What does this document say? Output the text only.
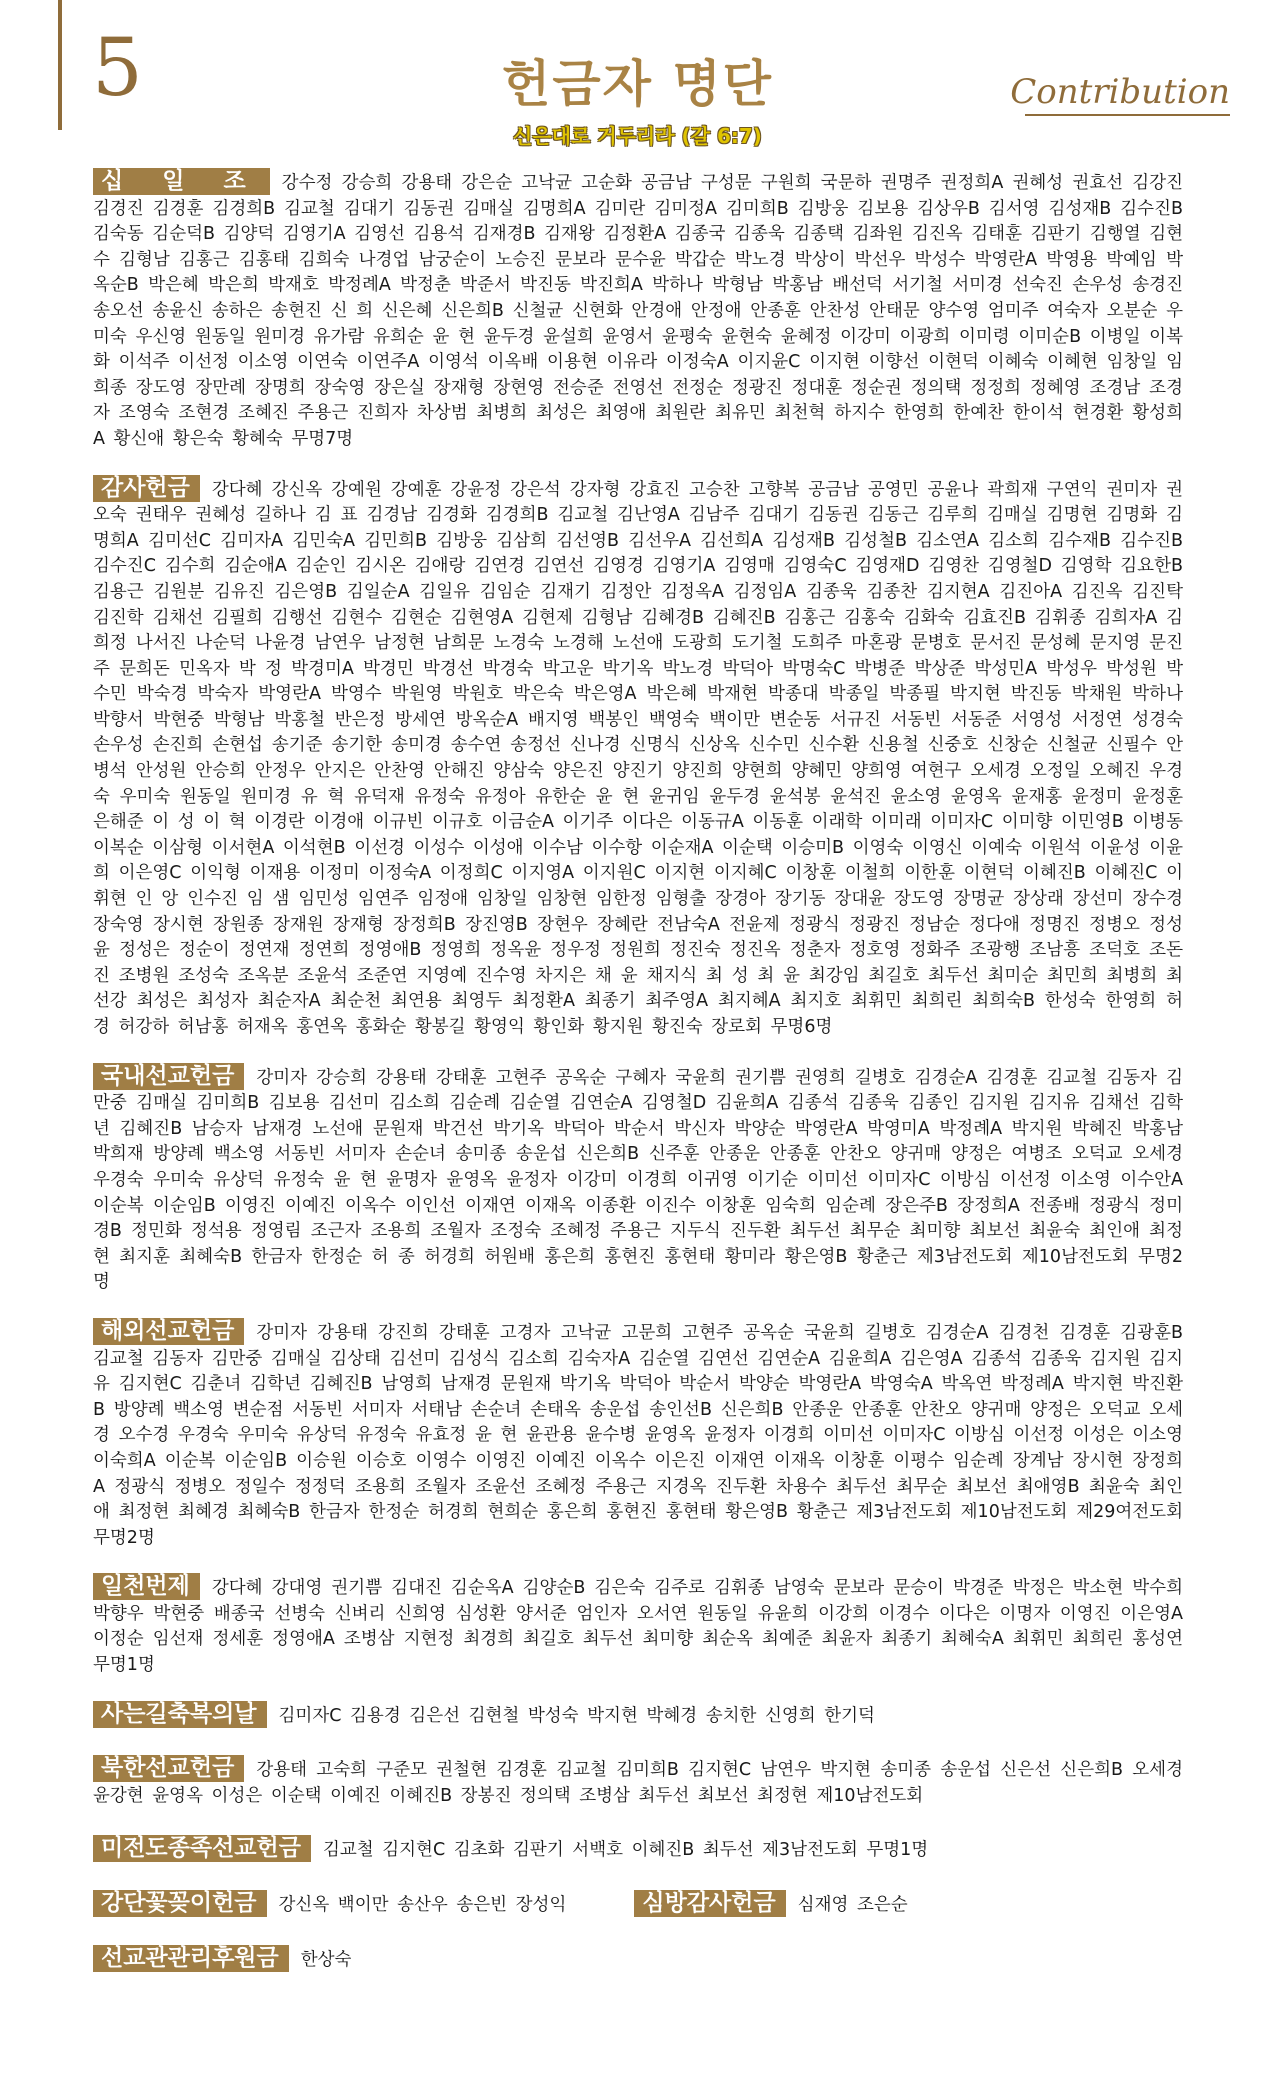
5	헌금자 명단	Contribution
신은대로 거두리라 (갈 6:7)

십 일 조 강수정 강승희 강용태 강은순 고낙균 고순화 공금남 구성문 구원희 국문하 권명주 권정희A 권혜성 권효선 김강진 김경진 김경훈 김경희B 김교철 김대기 김동권 김매실 김명희A 김미란 김미정A 김미희B 김방웅 김보용 김상우B 김서영 김성재B 김수진B 김숙동 김순덕B 김양덕 김영기A 김영선 김용석 김재경B 김재왕 김정환A 김종국 김종욱 김종택 김좌원 김진옥 김태훈 김판기 김행열 김현수 김형남 김홍근 김홍태 김희숙 나경업 남궁순이 노승진 문보라 문수윤 박갑순 박노경 박상이 박선우 박성수 박영란A 박영용 박예임 박옥순B 박은혜 박은희 박재호 박정례A 박정춘 박준서 박진동 박진희A 박하나 박형남 박홍남 배선덕 서기철 서미경 선숙진 손우성 송경진 송오선 송윤신 송하은 송현진 신 희 신은혜 신은희B 신철균 신현화 안경애 안정애 안종훈 안찬성 안태문 양수영 엄미주 여숙자 오분순 우미숙 우신영 원동일 원미경 유가람 유희순 윤 현 윤두경 윤설희 윤영서 윤평숙 윤현숙 윤혜정 이강미 이광희 이미령 이미순B 이병일 이복화 이석주 이선정 이소영 이연숙 이연주A 이영석 이옥배 이용현 이유라 이정숙A 이지윤C 이지현 이향선 이현덕 이혜숙 이혜현 임창일 임희종 장도영 장만례 장명희 장숙영 장은실 장재형 장현영 전승준 전영선 전정순 정광진 정대훈 정순권 정의택 정정희 정혜영 조경남 조경자 조영숙 조현경 조혜진 주용근 진희자 차상범 최병희 최성은 최영애 최원란 최유민 최천혁 하지수 한영희 한예찬 한이석 현경환 황성희A 황신애 황은숙 황혜숙 무명7명

감사헌금 강다혜 강신옥 강예원 강예훈 강윤정 강은석 강자형 강효진 고승찬 고향복 공금남 공영민 공윤나 곽희재 구연익 권미자 권오숙 권태우 권혜성 길하나 김 표 김경남 김경화 김경희B 김교철 김난영A 김남주 김대기 김동권 김동근 김루희 김매실 김명현 김명화 김명희A 김미선C 김미자A 김민숙A 김민희B 김방웅 김삼희 김선영B 김선우A 김선희A 김성재B 김성철B 김소연A 김소희 김수재B 김수진B 김수진C 김수희 김순애A 김순인 김시온 김애랑 김연경 김연선 김영경 김영기A 김영매 김영숙C 김영재D 김영찬 김영철D 김영학 김요한B 김용근 김원분 김유진 김은영B 김일순A 김일유 김임순 김재기 김정안 김정옥A 김정임A 김종욱 김종찬 김지현A 김진아A 김진옥 김진탁 김진학 김채선 김필희 김행선 김현수 김현순 김현영A 김현제 김형남 김혜경B 김혜진B 김홍근 김홍숙 김화숙 김효진B 김휘종 김희자A 김희정 나서진 나순덕 나윤경 남연우 남정현 남희문 노경숙 노경해 노선애 도광희 도기철 도희주 마혼광 문병호 문서진 문성혜 문지영 문진주 문희돈 민옥자 박 정 박경미A 박경민 박경선 박경숙 박고운 박기옥 박노경 박덕아 박명숙C 박병준 박상준 박성민A 박성우 박성원 박수민 박숙경 박숙자 박영란A 박영수 박원영 박원호 박은숙 박은영A 박은혜 박재현 박종대 박종일 박종필 박지현 박진동 박채원 박하나 박향서 박현중 박형남 박홍철 반은정 방세연 방옥순A 배지영 백봉인 백영숙 백이만 변순동 서규진 서동빈 서동준 서영성 서정연 성경숙 손우성 손진희 손현섭 송기준 송기한 송미경 송수연 송정선 신나경 신명식 신상옥 신수민 신수환 신용철 신중호 신창순 신철균 신필수 안병석 안성원 안승희 안정우 안지은 안찬영 안해진 양삼숙 양은진 양진기 양진희 양현희 양혜민 양희영 여현구 오세경 오정일 오혜진 우경숙 우미숙 원동일 원미경 유 혁 유덕재 유정숙 유정아 유한순 윤 현 윤귀임 윤두경 윤석봉 윤석진 윤소영 윤영옥 윤재홍 윤정미 윤정훈 은해준 이 성 이 혁 이경란 이경애 이규빈 이규호 이금순A 이기주 이다은 이동규A 이동훈 이래학 이미래 이미자C 이미향 이민영B 이병동 이복순 이삼형 이서현A 이석현B 이선경 이성수 이성애 이수남 이수항 이순재A 이순택 이승미B 이영숙 이영신 이예숙 이원석 이윤성 이윤희 이은영C 이익형 이재용 이정미 이정숙A 이정희C 이지영A 이지원C 이지현 이지혜C 이창훈 이철희 이한훈 이현덕 이혜진B 이혜진C 이휘현 인 앙 인수진 임 샘 임민성 임연주 임정애 임창일 임창현 임한정 임형출 장경아 장기동 장대윤 장도영 장명균 장상래 장선미 장수경 장숙영 장시현 장원종 장재원 장재형 장정희B 장진영B 장현우 장혜란 전남숙A 전윤제 정광식 정광진 정남순 정다애 정명진 정병오 정성윤 정성은 정순이 정연재 정연희 정영애B 정영희 정옥윤 정우정 정원희 정진숙 정진옥 정춘자 정호영 정화주 조광행 조남흥 조덕호 조돈진 조병원 조성숙 조옥분 조윤석 조준연 지영예 진수영 차지은 채 윤 채지식 최 성 최 윤 최강임 최길호 최두선 최미순 최민희 최병희 최선강 최성은 최성자 최순자A 최순천 최연용 최영두 최정환A 최종기 최주영A 최지혜A 최지호 최휘민 최희린 최희숙B 한성숙 한영희 허 경 허강하 허남홍 허재옥 홍연옥 홍화순 황봉길 황영익 황인화 황지원 황진숙 장로회 무명6명

국내선교헌금 강미자 강승희 강용태 강태훈 고현주 공옥순 구혜자 국윤희 권기쁨 권영희 길병호 김경순A 김경훈 김교철 김동자 김만중 김매실 김미희B 김보용 김선미 김소희 김순례 김순열 김연순A 김영철D 김윤희A 김종석 김종욱 김종인 김지원 김지유 김채선 김학년 김혜진B 남승자 남재경 노선애 문원재 박건선 박기옥 박덕아 박순서 박신자 박양순 박영란A 박영미A 박정례A 박지원 박혜진 박홍남 박희재 방양례 백소영 서동빈 서미자 손순녀 송미종 송운섭 신은희B 신주훈 안종운 안종훈 안찬오 양귀매 양정은 여병조 오덕교 오세경 우경숙 우미숙 유상덕 유정숙 윤 현 윤명자 윤영옥 윤정자 이강미 이경희 이귀영 이기순 이미선 이미자C 이방심 이선정 이소영 이수안A 이순복 이순임B 이영진 이예진 이옥수 이인선 이재연 이재옥 이종환 이진수 이창훈 임숙희 임순례 장은주B 장정희A 전종배 정광식 정미경B 정민화 정석용 정영림 조근자 조용희 조월자 조정숙 조혜정 주용근 지두식 진두환 최두선 최무순 최미향 최보선 최윤숙 최인애 최정현 최지훈 최혜숙B 한금자 한정순 허 종 허경희 허원배 홍은희 홍현진 홍현태 황미라 황은영B 황춘근 제3남전도회 제10남전도회 무명2명

해외선교헌금 강미자 강용태 강진희 강태훈 고경자 고낙균 고문희 고현주 공옥순 국윤희 길병호 김경순A 김경천 김경훈 김광훈B 김교철 김동자 김만중 김매실 김상태 김선미 김성식 김소희 김숙자A 김순열 김연선 김연순A 김윤희A 김은영A 김종석 김종욱 김지원 김지유 김지현C 김춘녀 김학년 김혜진B 남영희 남재경 문원재 박기옥 박덕아 박순서 박양순 박영란A 박영숙A 박옥연 박정례A 박지현 박진환B 방양례 백소영 변순점 서동빈 서미자 서태남 손순녀 손태옥 송운섭 송인선B 신은희B 안종운 안종훈 안찬오 양귀매 양정은 오덕교 오세경 오수경 우경숙 우미숙 유상덕 유정숙 유효정 윤 현 윤관용 윤수병 윤영옥 윤정자 이경희 이미선 이미자C 이방심 이선정 이성은 이소영 이숙희A 이순복 이순임B 이승원 이승호 이영수 이영진 이예진 이옥수 이은진 이재연 이재옥 이창훈 이평수 임순례 장계남 장시현 장정희A 정광식 정병오 정일수 정정덕 조용희 조월자 조윤선 조혜정 주용근 지경옥 진두환 차용수 최두선 최무순 최보선 최애영B 최윤숙 최인애 최정현 최혜경 최혜숙B 한금자 한정순 허경희 현희순 홍은희 홍현진 홍현태 황은영B 황춘근 제3남전도회 제10남전도회 제29여전도회 무명2명

일천번제 강다혜 강대영 권기쁨 김대진 김순옥A 김양순B 김은숙 김주로 김휘종 남영숙 문보라 문승이 박경준 박정은 박소현 박수희 박향우 박현중 배종국 선병숙 신벼리 신희영 심성환 양서준 엄인자 오서연 원동일 유윤희 이강희 이경수 이다은 이명자 이영진 이은영A 이정순 임선재 정세훈 정영애A 조병삼 지현정 최경희 최길호 최두선 최미향 최순옥 최예준 최윤자 최종기 최혜숙A 최휘민 최희린 홍성연 무명1명

사는길축복의날 김미자C 김용경 김은선 김현철 박성숙 박지현 박혜경 송치한 신영희 한기덕

북한선교헌금 강용태 고숙희 구준모 권철현 김경훈 김교철 김미희B 김지현C 남연우 박지현 송미종 송운섭 신은선 신은희B 오세경 윤강현 윤영옥 이성은 이순택 이예진 이혜진B 장봉진 정의택 조병삼 최두선 최보선 최정현 제10남전도회

미전도종족선교헌금 김교철 김지현C 김초화 김판기 서백호 이혜진B 최두선 제3남전도회 무명1명

강단꽃꽂이헌금 강신옥 백이만 송산우 송은빈 장성익	심방감사헌금 심재영 조은순

선교관관리후원금 한상숙
